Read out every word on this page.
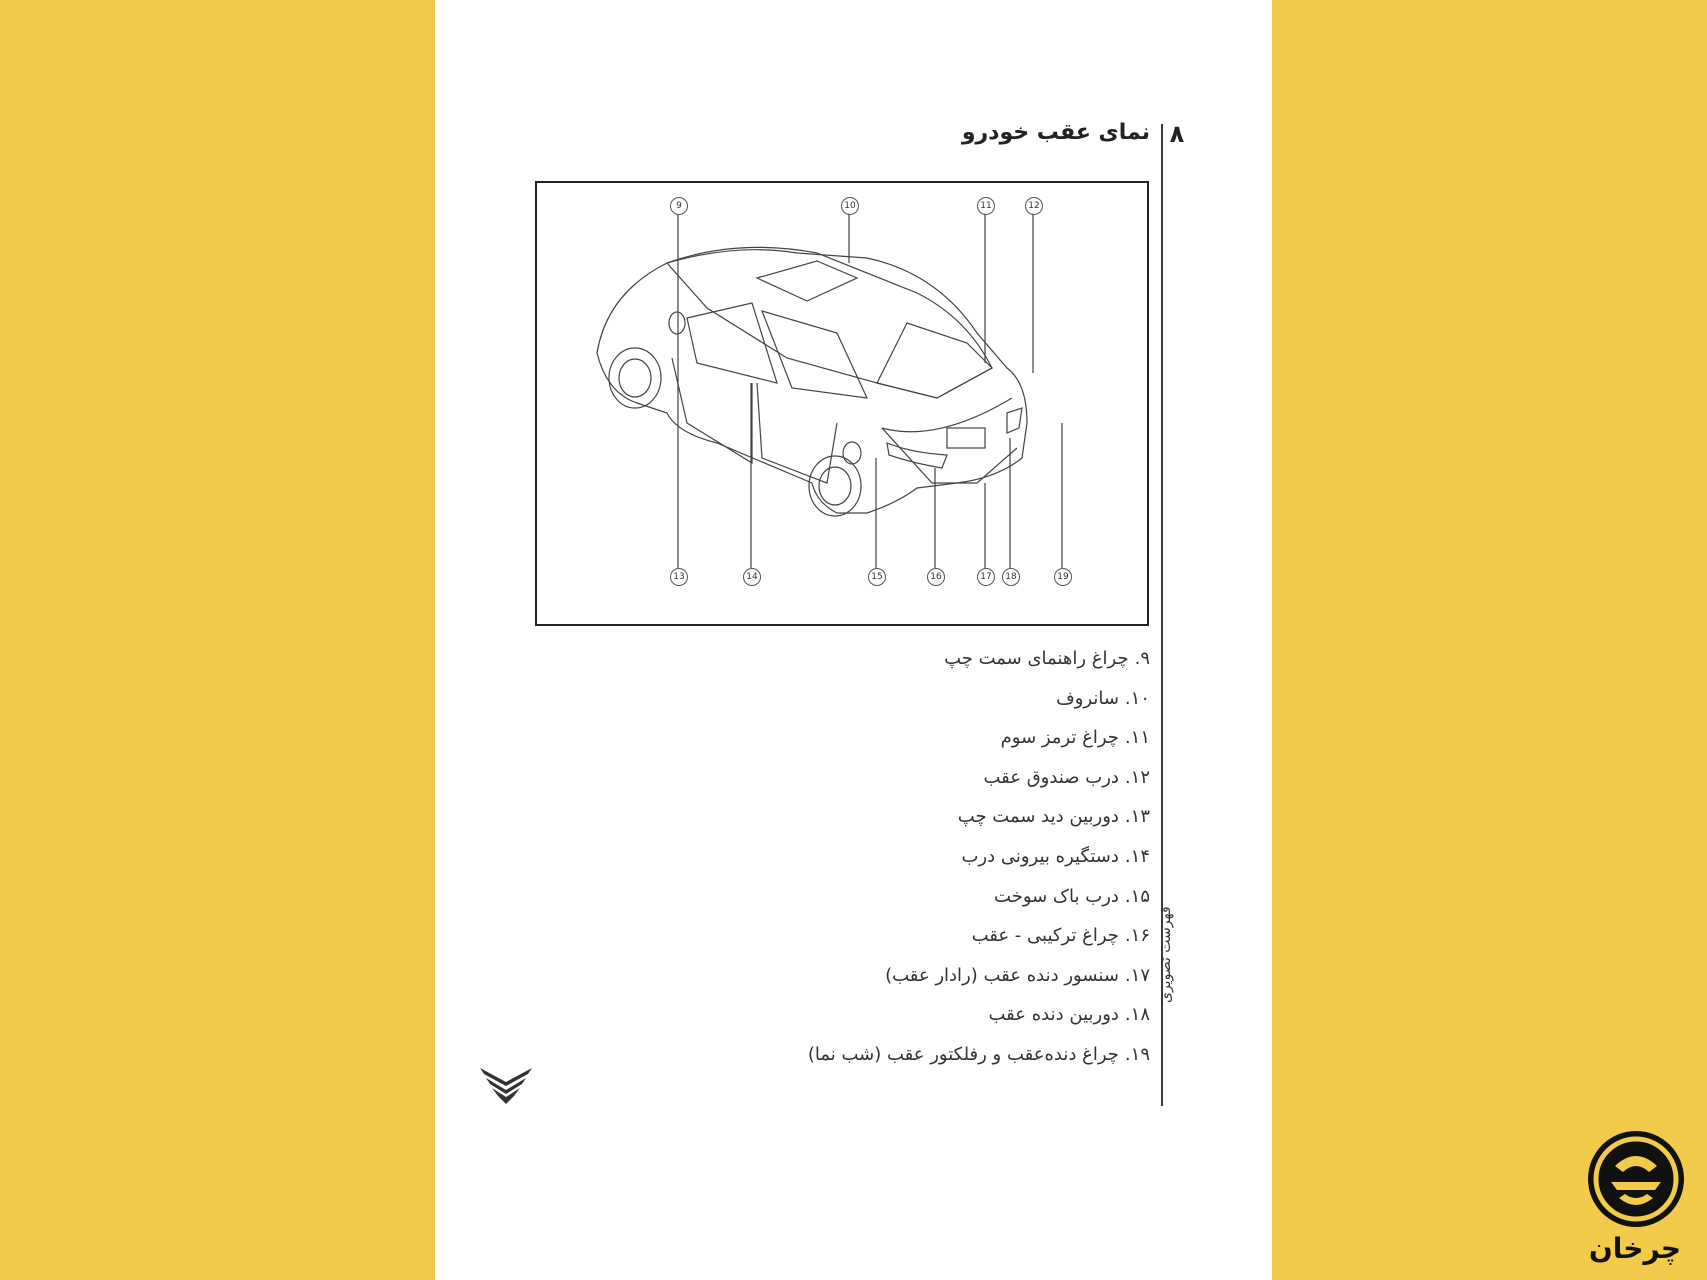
۸
نمای عقب خودرو
فهرست تصویری
9	10	11	12
13	14	15	16	17	18	19
۹.چراغ راهنمای سمت چپ
۱۰.سانروف
۱۱.چراغ ترمز سوم
۱۲.درب صندوق عقب
۱۳.دوربین دید سمت چپ
۱۴.دستگیره بیرونی درب
۱۵.درب باک سوخت
۱۶.چراغ ترکیبی - عقب
۱۷.سنسور دنده عقب (رادار عقب)
۱۸.دوربین دنده عقب
۱۹.چراغ دنده‌عقب و رفلکتور عقب (شب نما)
چرخان
